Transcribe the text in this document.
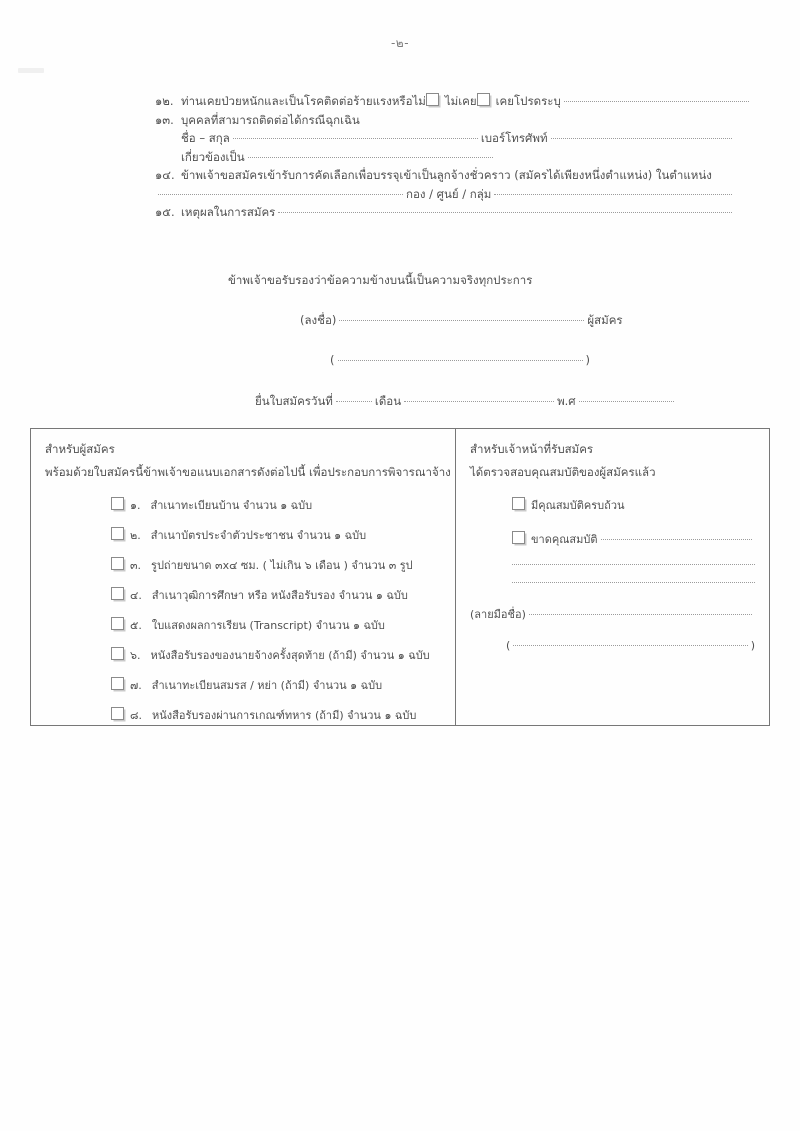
-๒-
๑๒. ท่านเคยป่วยหนักและเป็นโรคติดต่อร้ายแรงหรือไม่ ไม่เคย เคย โปรดระบุ
๑๓. บุคคลที่สามารถติดต่อได้กรณีฉุกเฉิน
ชื่อ – สกุล	เบอร์โทรศัพท์
เกี่ยวข้องเป็น
๑๔. ข้าพเจ้าขอสมัครเข้ารับการคัดเลือกเพื่อบรรจุเข้าเป็นลูกจ้างชั่วคราว (สมัครได้เพียงหนึ่งตำแหน่ง) ในตำแหน่ง
กอง / ศูนย์ / กลุ่ม
๑๕. เหตุผลในการสมัคร
ข้าพเจ้าขอรับรองว่าข้อความข้างบนนี้เป็นความจริงทุกประการ
(ลงชื่อ)	ผู้สมัคร
(	)
ยื่นใบสมัครวันที่	เดือน	พ.ศ
สำหรับผู้สมัคร
พร้อมด้วยใบสมัครนี้ข้าพเจ้าขอแนบเอกสารดังต่อไปนี้ เพื่อประกอบการพิจารณาจ้าง
๑. สำเนาทะเบียนบ้าน จำนวน ๑ ฉบับ
๒. สำเนาบัตรประจำตัวประชาชน จำนวน ๑ ฉบับ
๓. รูปถ่ายขนาด ๓x๔ ซม. ( ไม่เกิน ๖ เดือน ) จำนวน ๓ รูป
๔. สำเนาวุฒิการศึกษา หรือ หนังสือรับรอง จำนวน ๑ ฉบับ
๕. ใบแสดงผลการเรียน (Transcript) จำนวน ๑ ฉบับ
๖. หนังสือรับรองของนายจ้างครั้งสุดท้าย (ถ้ามี) จำนวน ๑ ฉบับ
๗. สำเนาทะเบียนสมรส / หย่า (ถ้ามี) จำนวน ๑ ฉบับ
๘. หนังสือรับรองผ่านการเกณฑ์ทหาร (ถ้ามี) จำนวน ๑ ฉบับ
สำหรับเจ้าหน้าที่รับสมัคร
ได้ตรวจสอบคุณสมบัติของผู้สมัครแล้ว
มีคุณสมบัติครบถ้วน
ขาดคุณสมบัติ
(ลายมือชื่อ)
(	)
